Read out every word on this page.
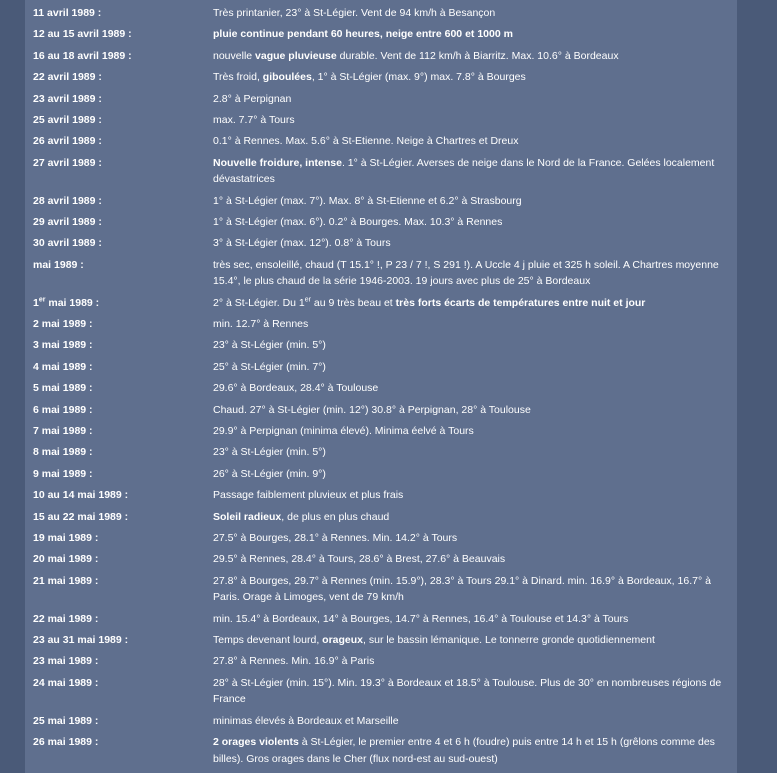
11 avril 1989 :	Très printanier, 23° à St-Légier. Vent de 94 km/h à Besançon
12 au 15 avril 1989 :	pluie continue pendant 60 heures, neige entre 600 et 1000 m
16 au 18 avril 1989 :	nouvelle vague pluvieuse durable. Vent de 112 km/h à Biarritz. Max. 10.6° à Bordeaux
22 avril 1989 :	Très froid, giboulées, 1° à St-Légier (max. 9°) max. 7.8° à Bourges
23 avril 1989 :	2.8° à Perpignan
25 avril 1989 :	max. 7.7° à Tours
26 avril 1989 :	0.1° à Rennes. Max. 5.6° à St-Etienne. Neige à Chartres et Dreux
27 avril 1989 :	Nouvelle froidure, intense. 1° à St-Légier. Averses de neige dans le Nord de la France. Gelées localement dévastatrices
28 avril 1989 :	1° à St-Légier (max. 7°). Max. 8° à St-Etienne et 6.2° à Strasbourg
29 avril 1989 :	1° à St-Légier (max. 6°). 0.2° à Bourges. Max. 10.3° à Rennes
30 avril 1989 :	3° à St-Légier (max. 12°). 0.8° à Tours
mai 1989 :	très sec, ensoleillé, chaud (T 15.1° !, P 23 / 7 !, S 291 !). A Uccle 4 j pluie et 325 h soleil. A Chartres moyenne 15.4°, le plus chaud de la série 1946-2003. 19 jours avec plus de 25° à Bordeaux
1er mai 1989 :	2° à St-Légier. Du 1er au 9 très beau et très forts écarts de températures entre nuit et jour
2 mai 1989 :	min. 12.7° à Rennes
3 mai 1989 :	23° à St-Légier (min. 5°)
4 mai 1989 :	25° à St-Légier (min. 7°)
5 mai 1989 :	29.6° à Bordeaux, 28.4° à Toulouse
6 mai 1989 :	Chaud. 27° à St-Légier (min. 12°) 30.8° à Perpignan, 28° à Toulouse
7 mai 1989 :	29.9° à Perpignan (minima élevé). Minima éelvé à Tours
8 mai 1989 :	23° à St-Légier (min. 5°)
9 mai 1989 :	26° à St-Légier (min. 9°)
10 au 14 mai 1989 :	Passage faiblement pluvieux et plus frais
15 au 22 mai 1989 :	Soleil radieux, de plus en plus chaud
19 mai 1989 :	27.5° à Bourges, 28.1° à Rennes. Min. 14.2° à Tours
20 mai 1989 :	29.5° à Rennes, 28.4° à Tours, 28.6° à Brest, 27.6° à Beauvais
21 mai 1989 :	27.8° à Bourges, 29.7° à Rennes (min. 15.9°), 28.3° à Tours 29.1° à Dinard. min. 16.9° à Bordeaux, 16.7° à Paris. Orage à Limoges, vent de 79 km/h
22 mai 1989 :	min. 15.4° à Bordeaux, 14° à Bourges, 14.7° à Rennes, 16.4° à Toulouse et 14.3° à Tours
23 au 31 mai 1989 :	Temps devenant lourd, orageux, sur le bassin lémanique. Le tonnerre gronde quotidiennement
23 mai 1989 :	27.8° à Rennes. Min. 16.9° à Paris
24 mai 1989 :	28° à St-Légier (min. 15°). Min. 19.3° à Bordeaux et 18.5° à Toulouse. Plus de 30° en nombreuses régions de France
25 mai 1989 :	minimas élevés à Bordeaux et Marseille
26 mai 1989 :	2 orages violents à St-Légier, le premier entre 4 et 6 h (foudre) puis entre 14 h et 15 h (grêlons comme des billes). Gros orages dans le Cher (flux nord-est au sud-ouest)
